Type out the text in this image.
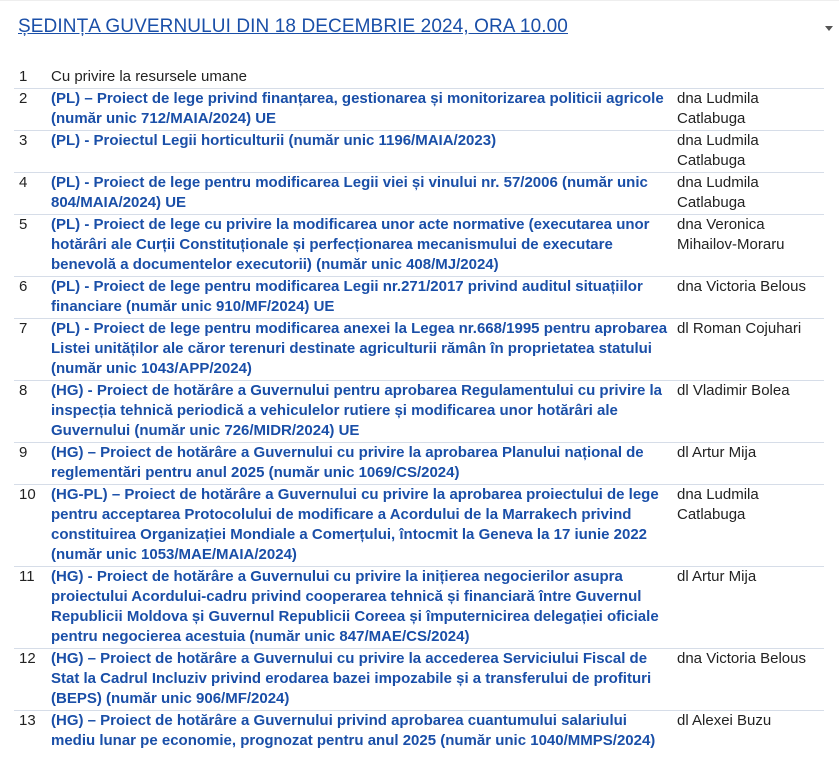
ȘEDINȚA GUVERNULUI DIN 18 DECEMBRIE 2024, ORA 10.00
1	Cu privire la resursele umane	
2	(PL) – Proiect de lege privind finanțarea, gestionarea și monitorizarea politicii agricole (număr unic 712/MAIA/2024) UE	dna Ludmila Catlabuga
3	(PL) - Proiectul Legii horticulturii (număr unic 1196/MAIA/2023)	dna Ludmila Catlabuga
4	(PL) - Proiect de lege pentru modificarea Legii viei și vinului nr. 57/2006 (număr unic 804/MAIA/2024) UE	dna Ludmila Catlabuga
5	(PL) - Proiect de lege cu privire la modificarea unor acte normative (executarea unor hotărâri ale Curții Constituționale și perfecționarea mecanismului de executare benevolă a documentelor executorii) (număr unic 408/MJ/2024)	dna Veronica Mihailov-Moraru
6	(PL) - Proiect de lege pentru modificarea Legii nr.271/2017 privind auditul situațiilor financiare (număr unic 910/MF/2024) UE	dna Victoria Belous
7	(PL) - Proiect de lege pentru modificarea anexei la Legea nr.668/1995 pentru aprobarea Listei unităților ale căror terenuri destinate agriculturii rămân în proprietatea statului (număr unic 1043/APP/2024)	dl Roman Cojuhari
8	(HG) - Proiect de hotărâre a Guvernului pentru aprobarea Regulamentului cu privire la inspecția tehnică periodică a vehiculelor rutiere și modificarea unor hotărâri ale Guvernului (număr unic 726/MIDR/2024) UE	dl Vladimir Bolea
9	(HG) – Proiect de hotărâre a Guvernului cu privire la aprobarea Planului național de reglementări pentru anul 2025 (număr unic 1069/CS/2024)	dl Artur Mija
10	(HG-PL) – Proiect de hotărâre a Guvernului cu privire la aprobarea proiectului de lege pentru acceptarea Protocolului de modificare a Acordului de la Marrakech privind constituirea Organizației Mondiale a Comerțului, întocmit la Geneva la 17 iunie 2022 (număr unic 1053/MAE/MAIA/2024)	dna Ludmila Catlabuga
11	(HG) - Proiect de hotărâre a Guvernului cu privire la inițierea negocierilor asupra proiectului Acordului-cadru privind cooperarea tehnică și financiară între Guvernul Republicii Moldova și Guvernul Republicii Coreea și împuternicirea delegației oficiale pentru negocierea acestuia (număr unic 847/MAE/CS/2024)	dl Artur Mija
12	(HG) – Proiect de hotărâre a Guvernului cu privire la accederea Serviciului Fiscal de Stat la Cadrul Incluziv privind erodarea bazei impozabile și a transferului de profituri (BEPS) (număr unic 906/MF/2024)	dna Victoria Belous
13	(HG) – Proiect de hotărâre a Guvernului privind aprobarea cuantumului salariului mediu lunar pe economie, prognozat pentru anul 2025 (număr unic 1040/MMPS/2024)	dl Alexei Buzu
